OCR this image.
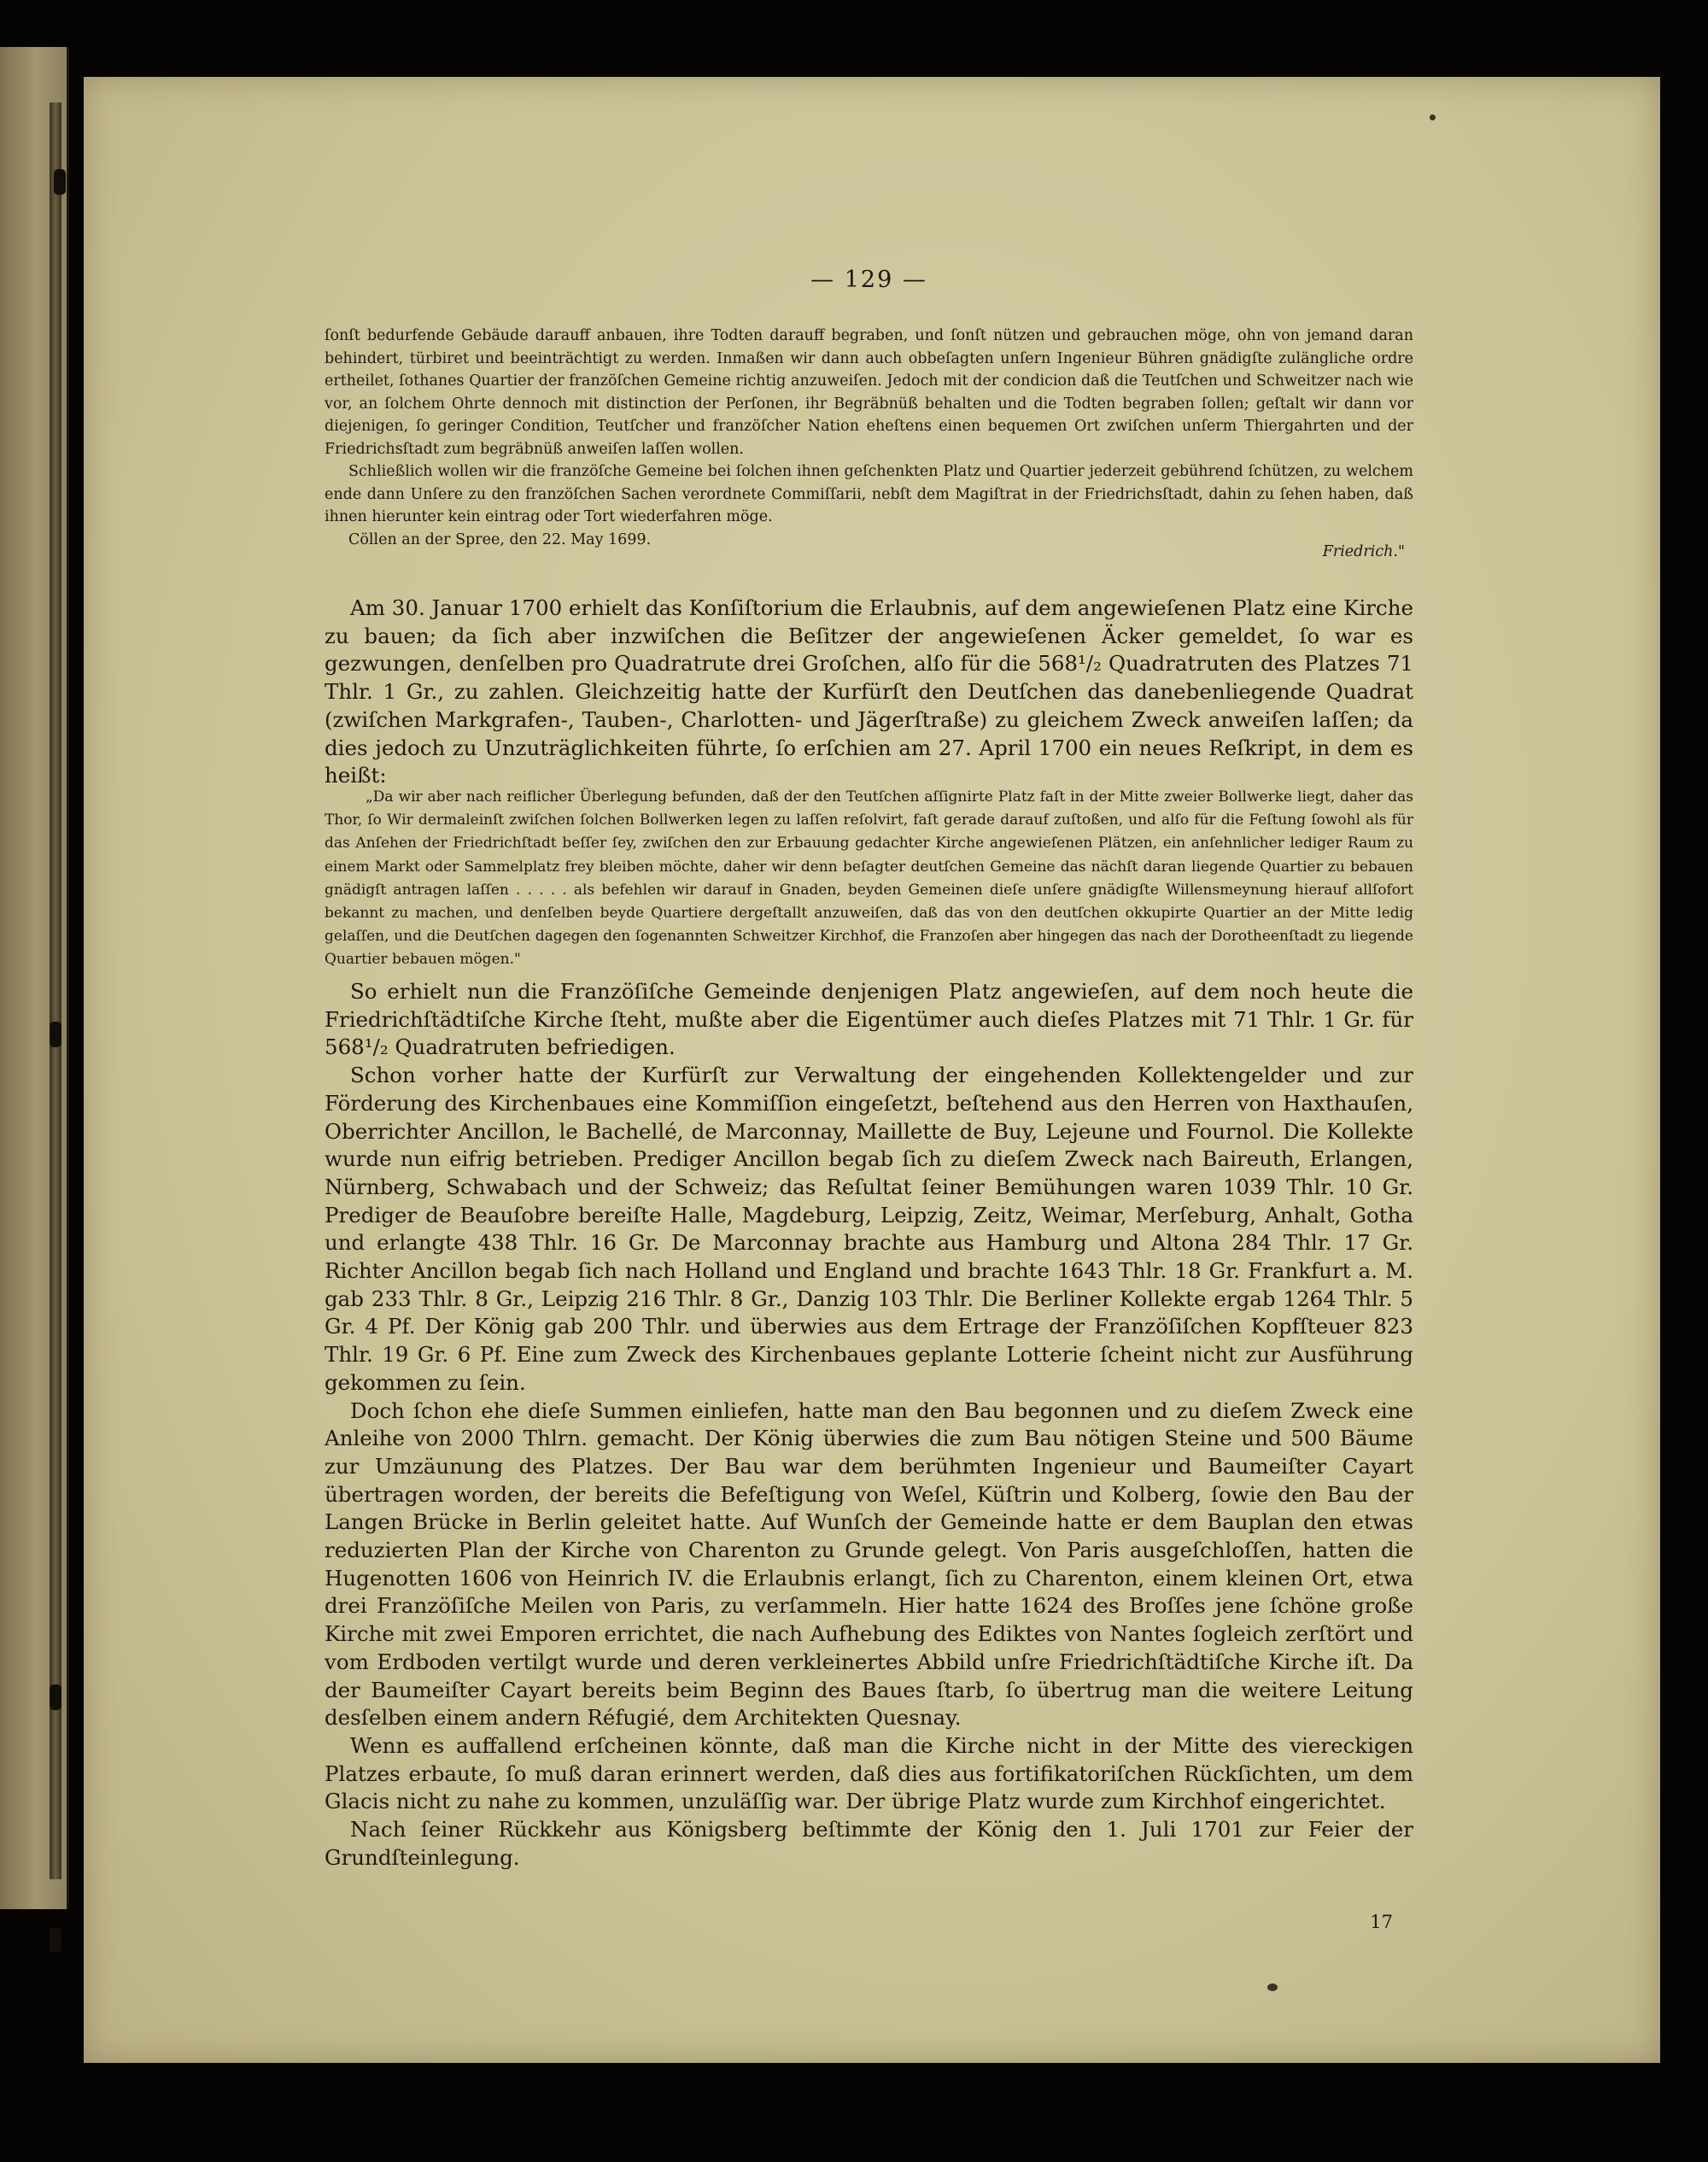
— 129 —

ſonſt bedurfende Gebäude darauff anbauen, ihre Todten darauff begraben, und ſonſt nützen und gebrauchen möge, ohn von jemand daran behindert, türbiret und beeinträchtigt zu werden. Inmaßen wir dann auch obbeſagten unſern Ingenieur Bühren gnädigſte zulängliche ordre ertheilet, ſothanes Quartier der franzöſchen Gemeine richtig anzuweiſen. Jedoch mit der condicion daß die Teutſchen und Schweitzer nach wie vor, an ſolchem Ohrte dennoch mit distinction der Perſonen, ihr Begräbnüß behalten und die Todten begraben ſollen; geſtalt wir dann vor diejenigen, ſo geringer Condition, Teutſcher und franzöſcher Nation eheſtens einen bequemen Ort zwiſchen unſerm Thiergahrten und der Friedrichsſtadt zum begräbnüß anweiſen laſſen wollen.

Schließlich wollen wir die franzöſche Gemeine bei ſolchen ihnen geſchenkten Platz und Quartier jederzeit gebührend ſchützen, zu welchem ende dann Unſere zu den franzöſchen Sachen verordnete Commiſſarii, nebſt dem Magiſtrat in der Friedrichsſtadt, dahin zu ſehen haben, daß ihnen hierunter kein eintrag oder Tort wiederfahren möge.

Cöllen an der Spree, den 22. May 1699.

Friedrich."

Am 30. Januar 1700 erhielt das Konſiſtorium die Erlaubnis, auf dem angewieſenen Platz eine Kirche zu bauen; da ſich aber inzwiſchen die Beſitzer der angewieſenen Äcker gemeldet, ſo war es gezwungen, denſelben pro Quadratrute drei Groſchen, alſo für die 568¹/₂ Quadratruten des Platzes 71 Thlr. 1 Gr., zu zahlen. Gleichzeitig hatte der Kurfürſt den Deutſchen das danebenliegende Quadrat (zwiſchen Markgrafen-, Tauben-, Charlotten- und Jägerſtraße) zu gleichem Zweck anweiſen laſſen; da dies jedoch zu Unzuträglichkeiten führte, ſo erſchien am 27. April 1700 ein neues Reſkript, in dem es heißt:

„Da wir aber nach reiflicher Überlegung befunden, daß der den Teutſchen aſſignirte Platz faſt in der Mitte zweier Bollwerke liegt, daher das Thor, ſo Wir dermaleinſt zwiſchen ſolchen Bollwerken legen zu laſſen reſolvirt, faſt gerade darauf zuſtoßen, und alſo für die Feſtung ſowohl als für das Anſehen der Friedrichſtadt beſſer ſey, zwiſchen den zur Erbauung gedachter Kirche angewieſenen Plätzen, ein anſehnlicher lediger Raum zu einem Markt oder Sammelplatz frey bleiben möchte, daher wir denn beſagter deutſchen Gemeine das nächſt daran liegende Quartier zu bebauen gnädigſt antragen laſſen . . . . . als befehlen wir darauf in Gnaden, beyden Gemeinen dieſe unſere gnädigſte Willensmeynung hierauf allſofort bekannt zu machen, und denſelben beyde Quartiere dergeſtallt anzuweiſen, daß das von den deutſchen okkupirte Quartier an der Mitte ledig gelaſſen, und die Deutſchen dagegen den ſogenannten Schweitzer Kirchhof, die Franzoſen aber hingegen das nach der Dorotheenſtadt zu liegende Quartier bebauen mögen."

So erhielt nun die Franzöſiſche Gemeinde denjenigen Platz angewieſen, auf dem noch heute die Friedrichſtädtiſche Kirche ſteht, mußte aber die Eigentümer auch dieſes Platzes mit 71 Thlr. 1 Gr. für 568¹/₂ Quadratruten befriedigen.

Schon vorher hatte der Kurfürſt zur Verwaltung der eingehenden Kollektengelder und zur Förderung des Kirchenbaues eine Kommiſſion eingeſetzt, beſtehend aus den Herren von Haxthauſen, Oberrichter Ancillon, le Bachellé, de Marconnay, Maillette de Buy, Lejeune und Fournol. Die Kollekte wurde nun eifrig betrieben. Prediger Ancillon begab ſich zu dieſem Zweck nach Baireuth, Erlangen, Nürnberg, Schwabach und der Schweiz; das Reſultat ſeiner Bemühungen waren 1039 Thlr. 10 Gr. Prediger de Beauſobre bereiſte Halle, Magdeburg, Leipzig, Zeitz, Weimar, Merſeburg, Anhalt, Gotha und erlangte 438 Thlr. 16 Gr. De Marconnay brachte aus Hamburg und Altona 284 Thlr. 17 Gr. Richter Ancillon begab ſich nach Holland und England und brachte 1643 Thlr. 18 Gr. Frankfurt a. M. gab 233 Thlr. 8 Gr., Leipzig 216 Thlr. 8 Gr., Danzig 103 Thlr. Die Berliner Kollekte ergab 1264 Thlr. 5 Gr. 4 Pf. Der König gab 200 Thlr. und überwies aus dem Ertrage der Franzöſiſchen Kopfſteuer 823 Thlr. 19 Gr. 6 Pf. Eine zum Zweck des Kirchenbaues geplante Lotterie ſcheint nicht zur Ausführung gekommen zu ſein.

Doch ſchon ehe dieſe Summen einliefen, hatte man den Bau begonnen und zu dieſem Zweck eine Anleihe von 2000 Thlrn. gemacht. Der König überwies die zum Bau nötigen Steine und 500 Bäume zur Umzäunung des Platzes. Der Bau war dem berühmten Ingenieur und Baumeiſter Cayart übertragen worden, der bereits die Befeſtigung von Weſel, Küſtrin und Kolberg, ſowie den Bau der Langen Brücke in Berlin geleitet hatte. Auf Wunſch der Gemeinde hatte er dem Bauplan den etwas reduzierten Plan der Kirche von Charenton zu Grunde gelegt. Von Paris ausgeſchloſſen, hatten die Hugenotten 1606 von Heinrich IV. die Erlaubnis erlangt, ſich zu Charenton, einem kleinen Ort, etwa drei Franzöſiſche Meilen von Paris, zu verſammeln. Hier hatte 1624 des Broſſes jene ſchöne große Kirche mit zwei Emporen errichtet, die nach Aufhebung des Ediktes von Nantes ſogleich zerſtört und vom Erdboden vertilgt wurde und deren verkleinertes Abbild unſre Friedrichſtädtiſche Kirche iſt. Da der Baumeiſter Cayart bereits beim Beginn des Baues ſtarb, ſo übertrug man die weitere Leitung desſelben einem andern Réfugié, dem Architekten Quesnay.

Wenn es auffallend erſcheinen könnte, daß man die Kirche nicht in der Mitte des viereckigen Platzes erbaute, ſo muß daran erinnert werden, daß dies aus fortifikatoriſchen Rückſichten, um dem Glacis nicht zu nahe zu kommen, unzuläſſig war. Der übrige Platz wurde zum Kirchhof eingerichtet.

Nach ſeiner Rückkehr aus Königsberg beſtimmte der König den 1. Juli 1701 zur Feier der Grundſteinlegung.

17
